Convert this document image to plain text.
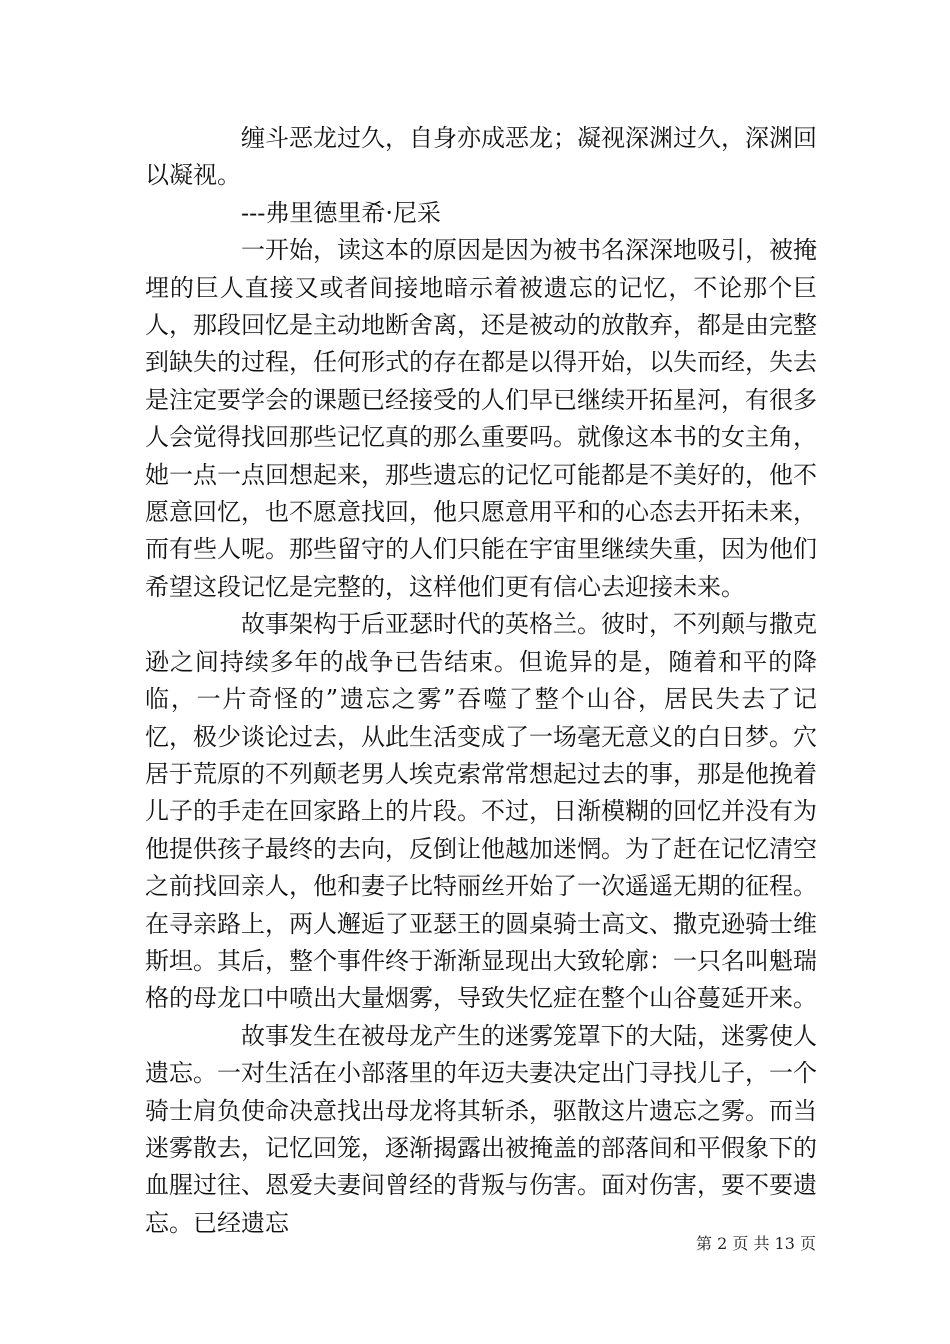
缠斗恶龙过久，自身亦成恶龙；凝视深渊过久，深渊回以凝视。

---弗里德里希·尼采

一开始，读这本的原因是因为被书名深深地吸引，被掩埋的巨人直接又或者间接地暗示着被遗忘的记忆，不论那个巨人，那段回忆是主动地断舍离，还是被动的放散弃，都是由完整到缺失的过程，任何形式的存在都是以得开始，以失而经，失去是注定要学会的课题已经接受的人们早已继续开拓星河，有很多人会觉得找回那些记忆真的那么重要吗。就像这本书的女主角，她一点一点回想起来，那些遗忘的记忆可能都是不美好的，他不愿意回忆，也不愿意找回，他只愿意用平和的心态去开拓未来，而有些人呢。那些留守的人们只能在宇宙里继续失重，因为他们希望这段记忆是完整的，这样他们更有信心去迎接未来。

故事架构于后亚瑟时代的英格兰。彼时，不列颠与撒克逊之间持续多年的战争已告结束。但诡异的是，随着和平的降临，一片奇怪的”遗忘之雾”吞噬了整个山谷，居民失去了记忆，极少谈论过去，从此生活变成了一场毫无意义的白日梦。穴居于荒原的不列颠老男人埃克索常常想起过去的事，那是他挽着儿子的手走在回家路上的片段。不过，日渐模糊的回忆并没有为他提供孩子最终的去向，反倒让他越加迷惘。为了赶在记忆清空之前找回亲人，他和妻子比特丽丝开始了一次遥遥无期的征程。在寻亲路上，两人邂逅了亚瑟王的圆桌骑士高文、撒克逊骑士维斯坦。其后，整个事件终于渐渐显现出大致轮廓：一只名叫魁瑞格的母龙口中喷出大量烟雾，导致失忆症在整个山谷蔓延开来。

故事发生在被母龙产生的迷雾笼罩下的大陆，迷雾使人遗忘。一对生活在小部落里的年迈夫妻决定出门寻找儿子，一个骑士肩负使命决意找出母龙将其斩杀，驱散这片遗忘之雾。而当迷雾散去，记忆回笼，逐渐揭露出被掩盖的部落间和平假象下的血腥过往、恩爱夫妻间曾经的背叛与伤害。面对伤害，要不要遗忘。已经遗忘

第 2 页 共 13 页
